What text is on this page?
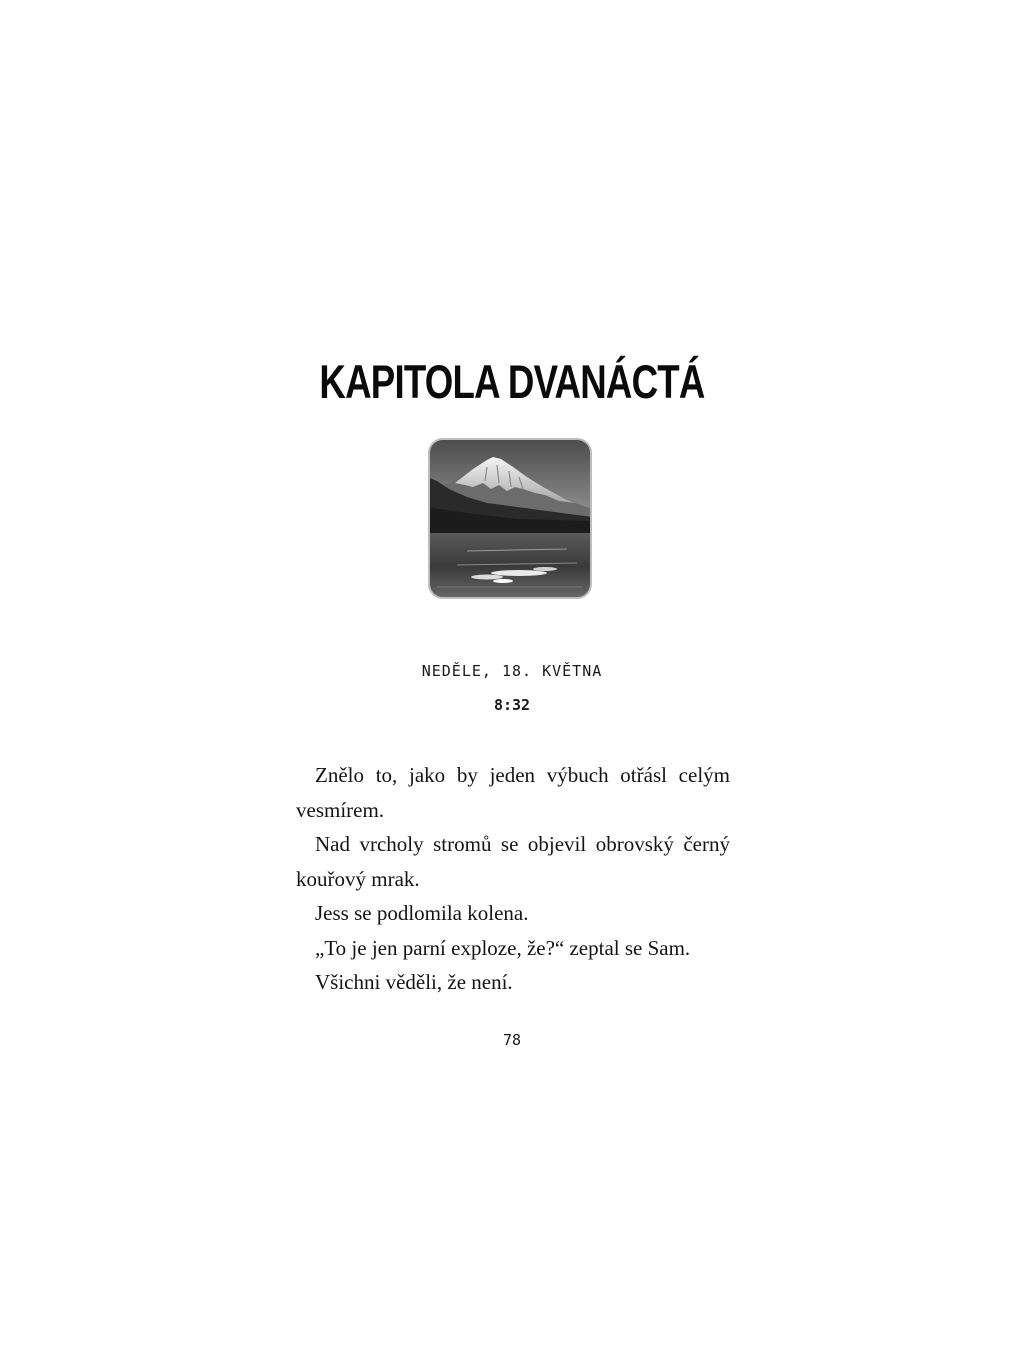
KAPITOLA DVANÁCTÁ
NEDĚLE, 18. KVĚTNA
8:32

Znělo to, jako by jeden výbuch otřásl celým vesmírem.

Nad vrcholy stromů se objevil obrovský černý kouřový mrak.

Jess se podlomila kolena.

„To je jen parní exploze, že?“ zeptal se Sam.

Všichni věděli, že není.

78
